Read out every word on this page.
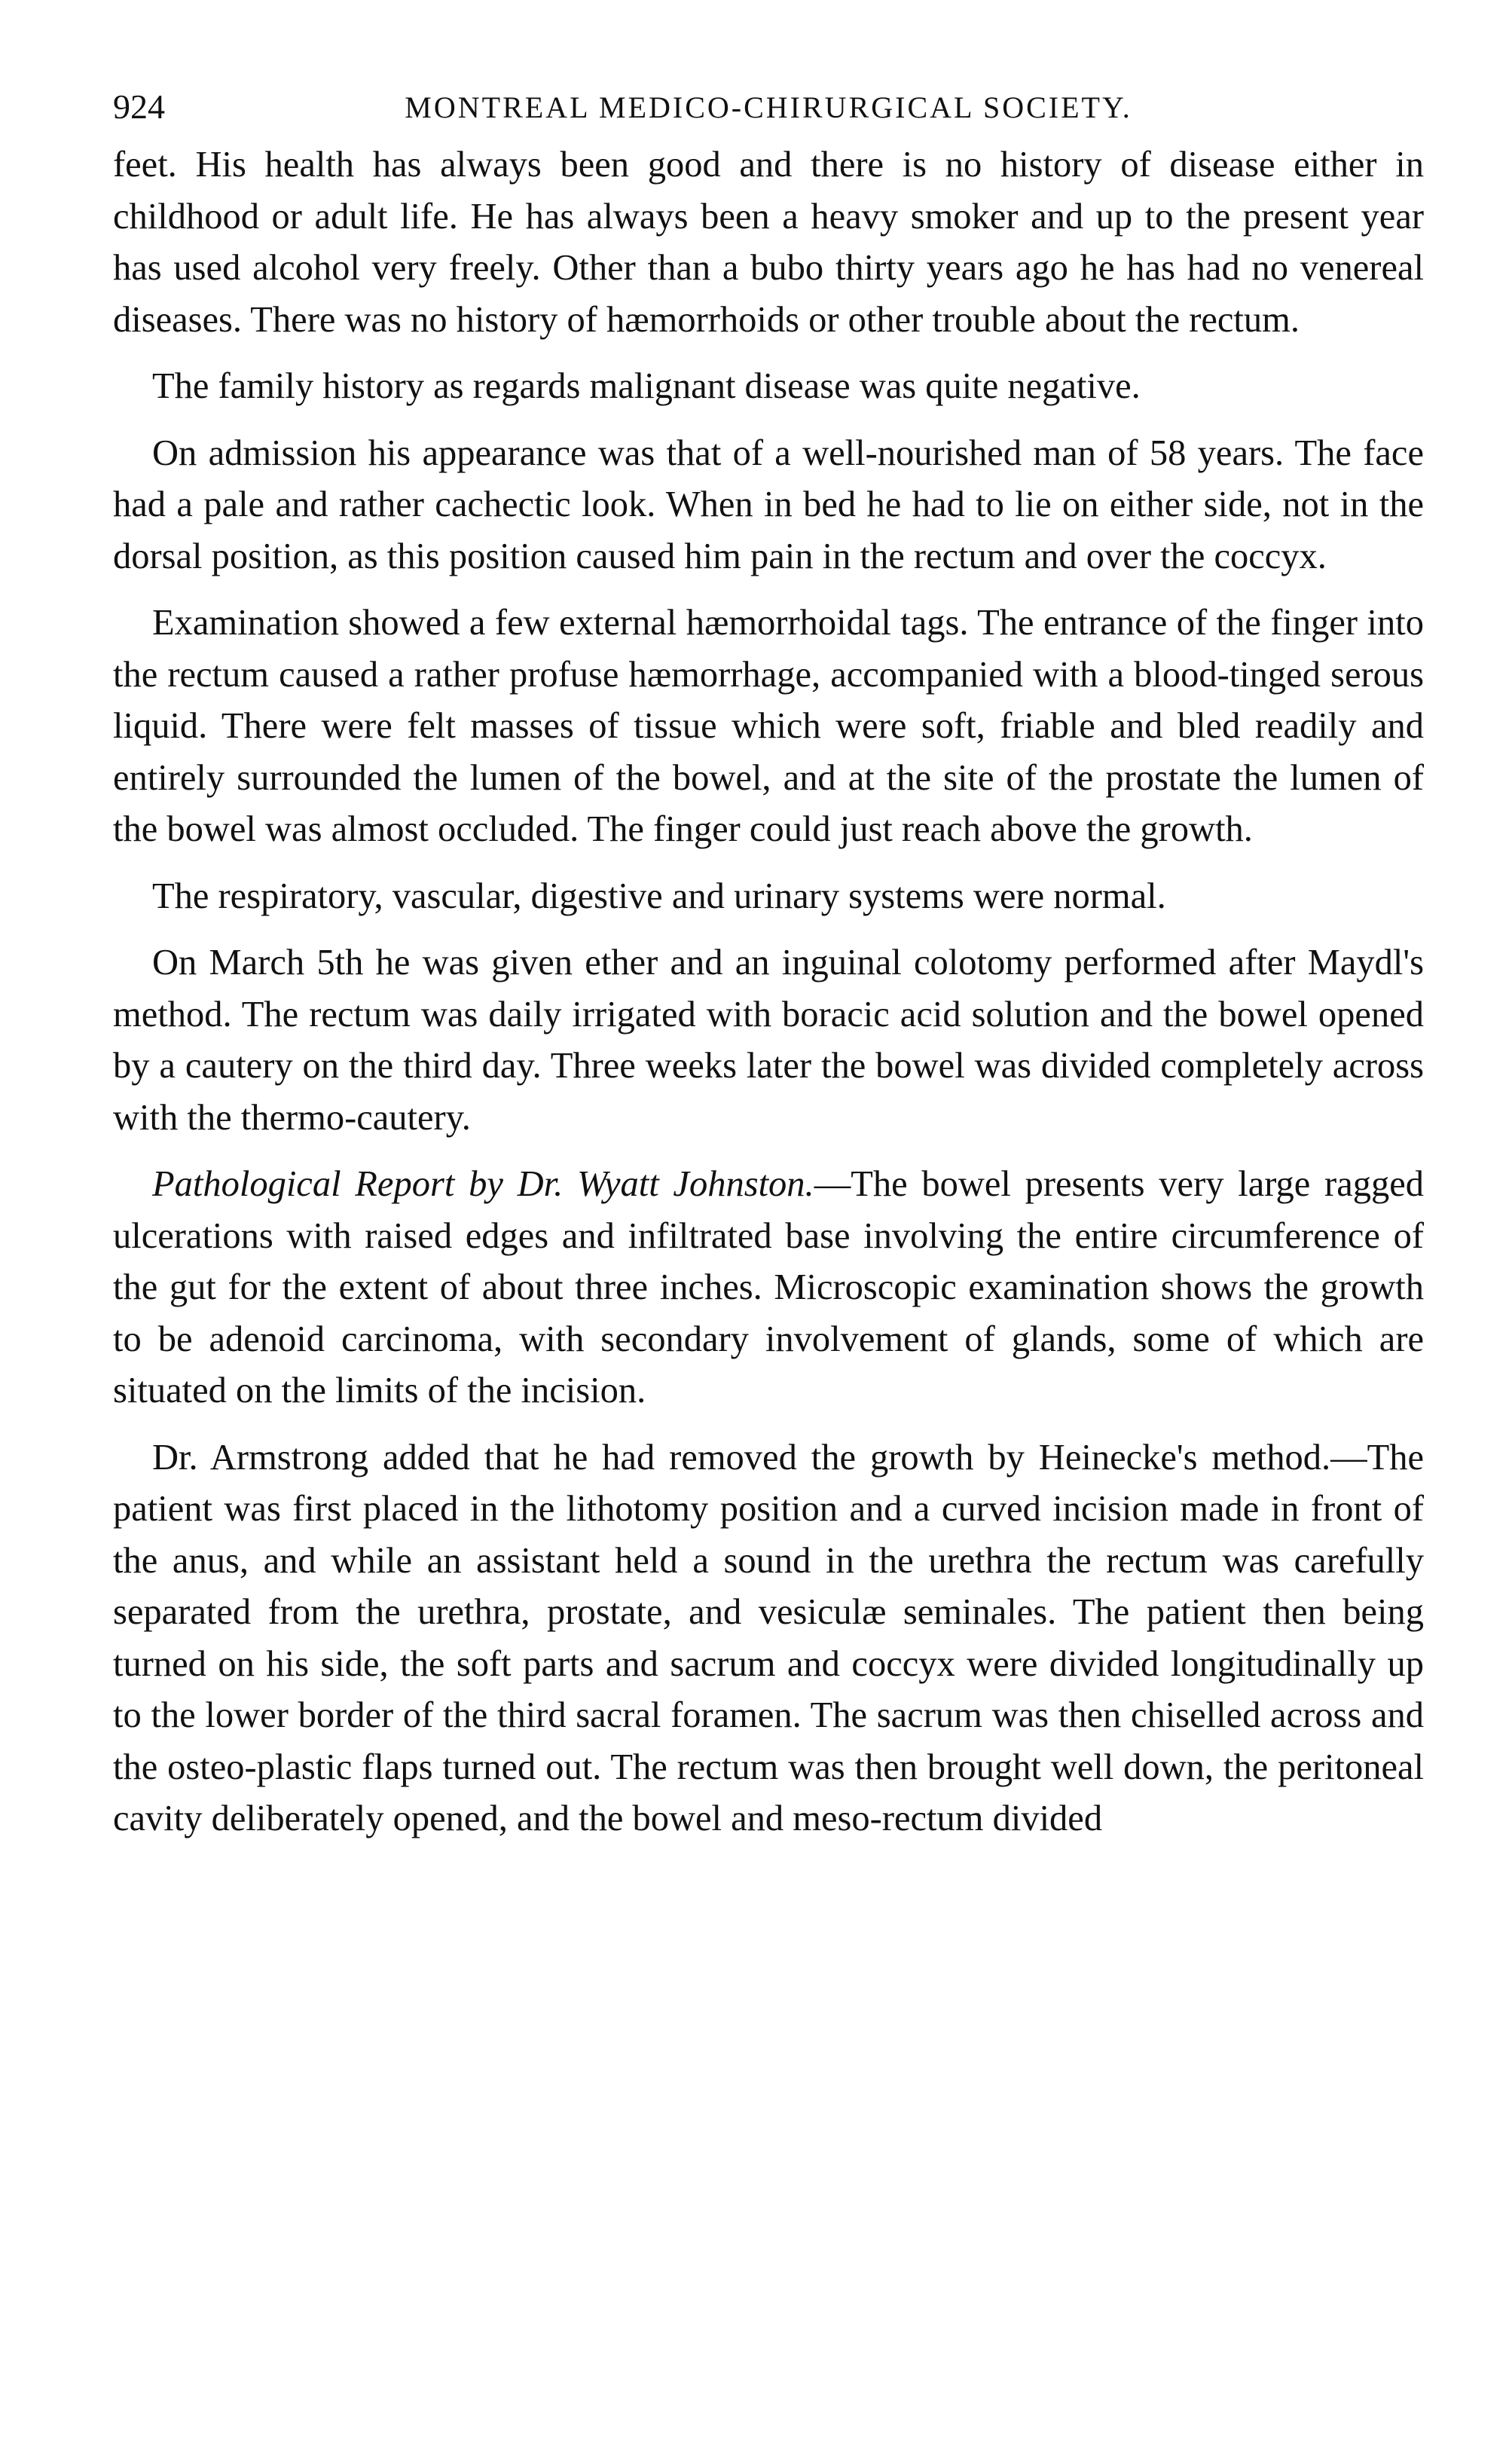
924	MONTREAL MEDICO-CHIRURGICAL SOCIETY.

feet. His health has always been good and there is no history of disease either in childhood or adult life. He has always been a heavy smoker and up to the present year has used alcohol very freely. Other than a bubo thirty years ago he has had no venereal diseases. There was no history of hæmorrhoids or other trouble about the rectum.

The family history as regards malignant disease was quite negative.

On admission his appearance was that of a well-nourished man of 58 years. The face had a pale and rather cachectic look. When in bed he had to lie on either side, not in the dorsal position, as this position caused him pain in the rectum and over the coccyx.

Examination showed a few external hæmorrhoidal tags. The entrance of the finger into the rectum caused a rather profuse hæmorrhage, accompanied with a blood-tinged serous liquid. There were felt masses of tissue which were soft, friable and bled readily and entirely surrounded the lumen of the bowel, and at the site of the prostate the lumen of the bowel was almost occluded. The finger could just reach above the growth.

The respiratory, vascular, digestive and urinary systems were normal.

On March 5th he was given ether and an inguinal colotomy performed after Maydl's method. The rectum was daily irrigated with boracic acid solution and the bowel opened by a cautery on the third day. Three weeks later the bowel was divided completely across with the thermo-cautery.

Pathological Report by Dr. Wyatt Johnston.—The bowel presents very large ragged ulcerations with raised edges and infiltrated base involving the entire circumference of the gut for the extent of about three inches. Microscopic examination shows the growth to be adenoid carcinoma, with secondary involvement of glands, some of which are situated on the limits of the incision.

Dr. Armstrong added that he had removed the growth by Heinecke's method.—The patient was first placed in the lithotomy position and a curved incision made in front of the anus, and while an assistant held a sound in the urethra the rectum was carefully separated from the urethra, prostate, and vesiculæ seminales. The patient then being turned on his side, the soft parts and sacrum and coccyx were divided longitudinally up to the lower border of the third sacral foramen. The sacrum was then chiselled across and the osteo-plastic flaps turned out. The rectum was then brought well down, the peritoneal cavity deliberately opened, and the bowel and meso-rectum divided
